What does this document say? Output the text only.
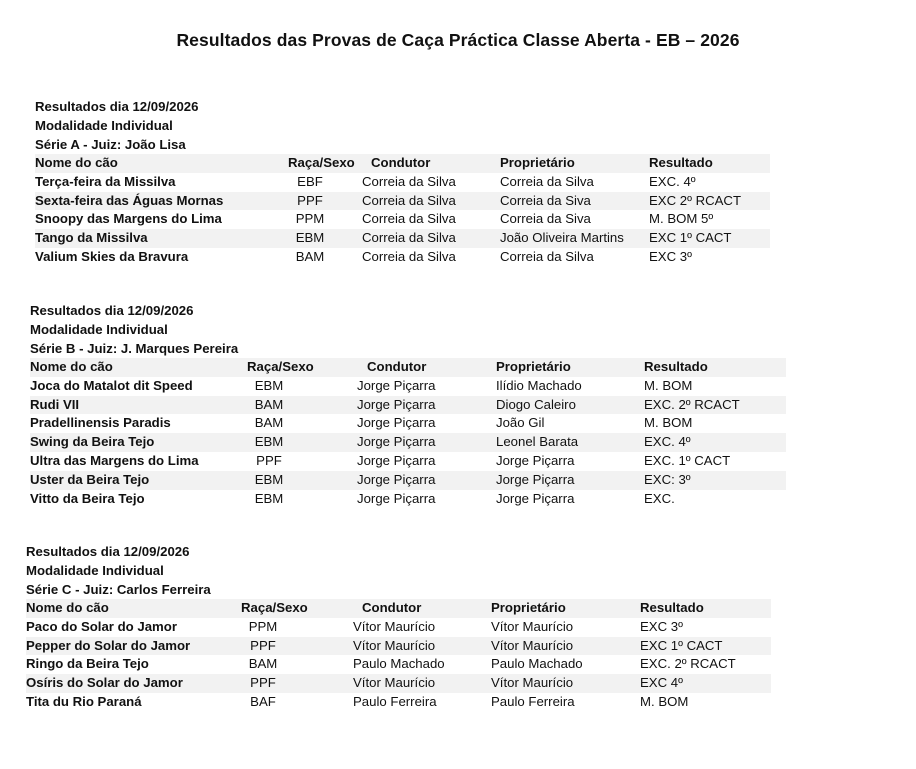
Resultados das Provas de Caça Práctica Classe Aberta - EB – 2026
Resultados dia 12/09/2026
Modalidade Individual
Série A - Juiz: João Lisa
Nome do cão	Raça/Sexo Condutor	Proprietário	Resultado
Terça-feira da Missilva	EBF	Correia da Silva	Correia da Silva	EXC. 4º
Sexta-feira das Águas Mornas	PPF	Correia da Silva	Correia da Siva	EXC 2º RCACT
Snoopy das Margens do Lima	PPM	Correia da Silva	Correia da Siva	M. BOM 5º
Tango da Missilva	EBM	Correia da Silva	João Oliveira Martins EXC 1º CACT
Valium Skies da Bravura	BAM	Correia da Silva	Correia da Silva	EXC 3º
Resultados dia 12/09/2026
Modalidade Individual
Série B - Juiz: J. Marques Pereira
Nome do cão	Raça/Sexo	Condutor	Proprietário	Resultado
Joca do Matalot dit Speed	EBM	Jorge Piçarra	Ilídio Machado	M. BOM
Rudi VII	BAM	Jorge Piçarra	Diogo Caleiro	EXC. 2º RCACT
Pradellinensis Paradis	BAM	Jorge Piçarra	João Gil	M. BOM
Swing da Beira Tejo	EBM	Jorge Piçarra	Leonel Barata	EXC. 4º
Ultra das Margens do Lima	PPF	Jorge Piçarra	Jorge Piçarra	EXC. 1º CACT
Uster da Beira Tejo	EBM	Jorge Piçarra	Jorge Piçarra	EXC: 3º
Vitto da Beira Tejo	EBM	Jorge Piçarra	Jorge Piçarra	EXC.
Resultados dia 12/09/2026
Modalidade Individual
Série C - Juiz: Carlos Ferreira
Nome do cão	Raça/Sexo	Condutor	Proprietário	Resultado
Paco do Solar do Jamor	PPM	Vítor Maurício	Vítor Maurício	EXC 3º
Pepper do Solar do Jamor	PPF	Vítor Maurício	Vítor Maurício	EXC 1º CACT
Ringo da Beira Tejo	BAM	Paulo Machado	Paulo Machado	EXC. 2º RCACT
Osíris do Solar do Jamor	PPF	Vítor Maurício	Vítor Maurício	EXC 4º
Tita du Rio Paraná	BAF	Paulo Ferreira	Paulo Ferreira	M. BOM
